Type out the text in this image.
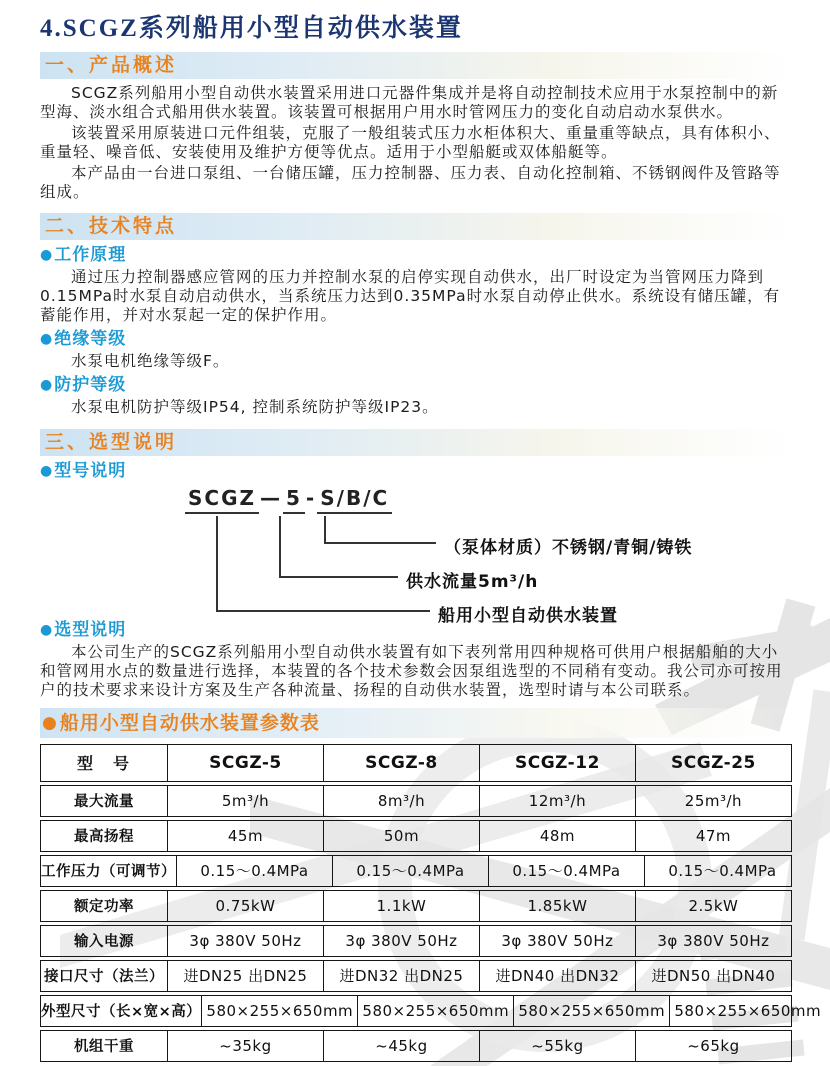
4.SCGZ系列船用小型自动供水装置
一、产品概述

SCGZ系列船用小型自动供水装置采用进口元器件集成并是将自动控制技术应用于水泵控制中的新型海、淡水组合式船用供水装置。该装置可根据用户用水时管网压力的变化自动启动水泵供水。

该装置采用原装进口元件组装，克服了一般组装式压力水柜体积大、重量重等缺点，具有体积小、重量轻、噪音低、安装使用及维护方便等优点。适用于小型船艇或双体船艇等。

本产品由一台进口泵组、一台储压罐，压力控制器、压力表、自动化控制箱、不锈钢阀件及管路等组成。

二、技术特点
●工作原理

通过压力控制器感应管网的压力并控制水泵的启停实现自动供水，出厂时设定为当管网压力降到0.15MPa时水泵自动启动供水，当系统压力达到0.35MPa时水泵自动停止供水。系统设有储压罐，有蓄能作用，并对水泵起一定的保护作用。

●绝缘等级

水泵电机绝缘等级F。

●防护等级

水泵电机防护等级IP54, 控制系统防护等级IP23。

三、选型说明
●型号说明
SCGZ — 5 - S/B/C
（泵体材质）不锈钢/青铜/铸铁
供水流量5m³/h
船用小型自动供水装置
●选型说明

本公司生产的SCGZ系列船用小型自动供水装置有如下表列常用四种规格可供用户根据船舶的大小和管网用水点的数量进行选择，本装置的各个技术参数会因泵组选型的不同稍有变动。我公司亦可按用户的技术要求来设计方案及生产各种流量、扬程的自动供水装置，选型时请与本公司联系。

● 船用小型自动供水装置参数表
型　号	SCGZ-5	SCGZ-8	SCGZ-12	SCGZ-25
最大流量	5m³/h	8m³/h	12m³/h	25m³/h
最高扬程	45m	50m	48m	47m
工作压力（可调节）	0.15～0.4MPa	0.15～0.4MPa	0.15～0.4MPa	0.15～0.4MPa
额定功率	0.75kW	1.1kW	1.85kW	2.5kW
输入电源	3φ 380V 50Hz	3φ 380V 50Hz	3φ 380V 50Hz	3φ 380V 50Hz
接口尺寸（法兰）	进DN25 出DN25	进DN32 出DN25	进DN40 出DN32	进DN50 出DN40
外型尺寸（长×宽×高） 580×255×650mm 580×255×650mm 580×255×650mm 580×255×650mm
机组干重	~35kg	~45kg	~55kg	~65kg
